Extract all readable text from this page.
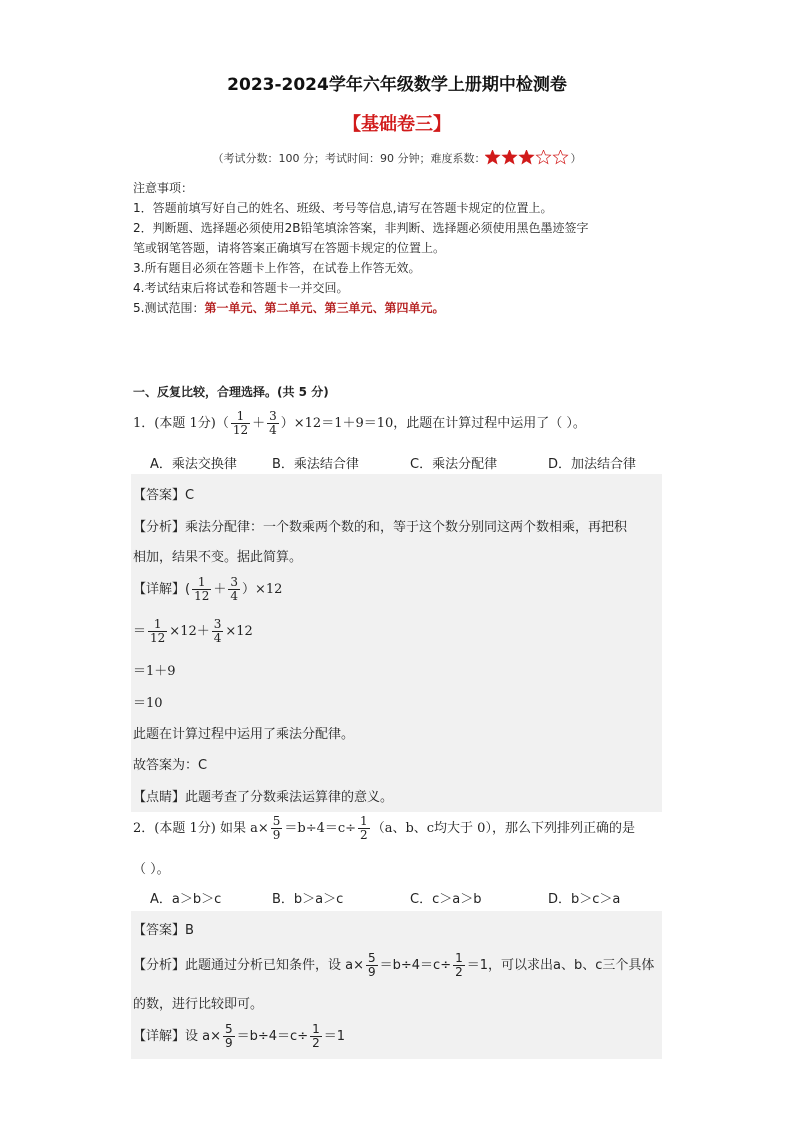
2023-2024学年六年级数学上册期中检测卷
【基础卷三】
（考试分数：100 分；考试时间：90 分钟；难度系数：	）
注意事项：
1．答题前填写好自己的姓名、班级、考号等信息,请写在答题卡规定的位置上。
2．判断题、选择题必须使用2B铅笔填涂答案，非判断、选择题必须使用黑色墨迹签字
笔或钢笔答题，请将答案正确填写在答题卡规定的位置上。
3.所有题目必须在答题卡上作答，在试卷上作答无效。
4.考试结束后将试卷和答题卡一并交回。
5.测试范围：第一单元、第二单元、第三单元、第四单元。
一、反复比较，合理选择。(共 5 分)
1．(本题 1分)（ $\frac{1}{12} + \frac{3}{4} )\times 12=1+9=10$，此题在计算过程中运用了（ ）。
A．乘法交换律	B．乘法结合律	C．乘法分配律	D．加法结合律
【答案】C
【分析】乘法分配律：一个数乘两个数的和，等于这个数分别同这两个数相乘，再把积
相加，结果不变。据此简算。
【详解】( $\frac{1}{12} + \frac{3}{4} )\times 12$
＝ $\frac{1}{12} \times 12+ \frac{3}{4} \times 12$
＝1＋9
＝10
此题在计算过程中运用了乘法分配律。
故答案为：C
【点睛】此题考查了分数乘法运算律的意义。
2．(本题 1分) 如果 $a\times \frac{5}{9} =b\div 4=c\div \frac{1}{2} (a$、b、c均大于 0），那么下列排列正确的是
（ ）。
A．a＞b＞c	B．b＞a＞c	C．c＞a＞b	D．b＞c＞a
【答案】B
【分析】此题通过分析已知条件，设 $a\times \frac{5}{9} =b\div 4=c\div \frac{1}{2} =1$，可以求出a、b、c三个具体
的数，进行比较即可。
【详解】设 $a\times \frac{5}{9} =b\div 4=c\div \frac{1}{2} =1$
